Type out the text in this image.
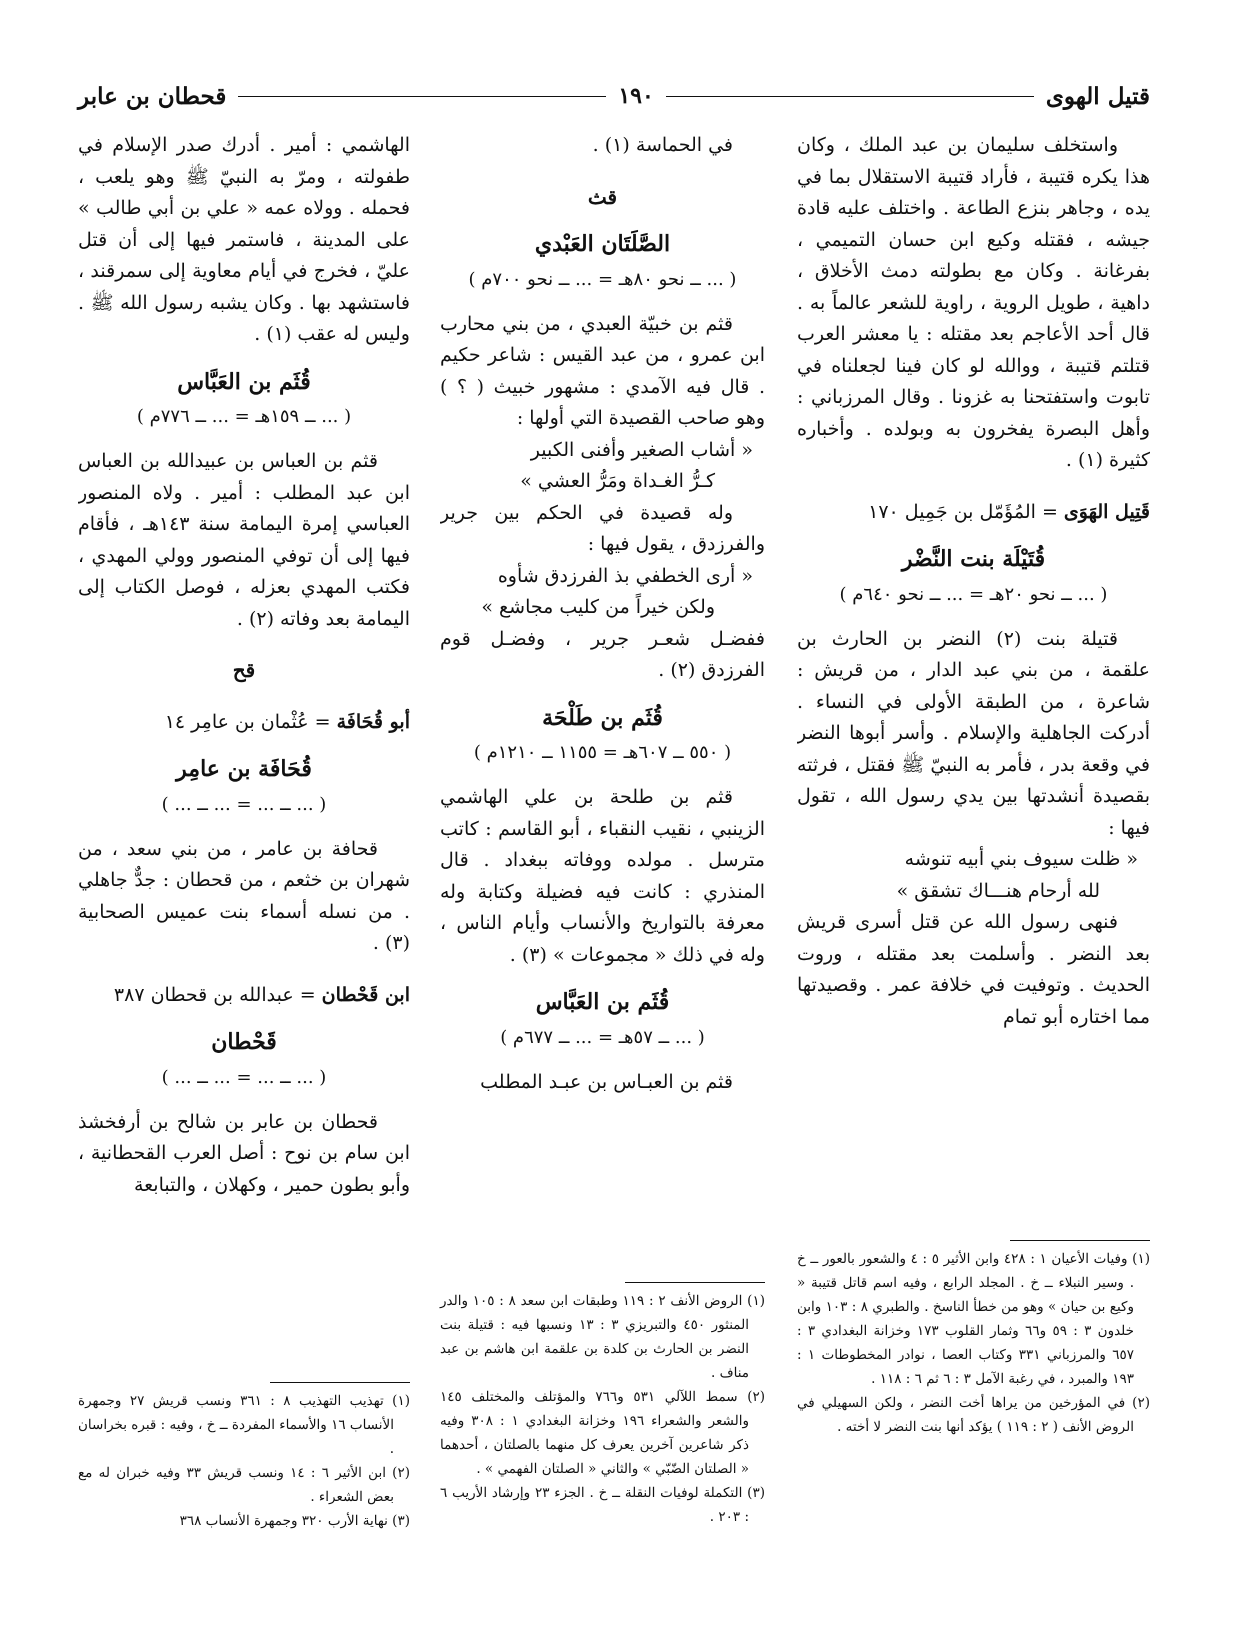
قتيل الهوى
١٩٠
قحطان بن عابر

واستخلف سليمان بن عبد الملك ، وكان هذا يكره قتيبة ، فأراد قتيبة الاستقلال بما في يده ، وجاهر بنزع الطاعة . واختلف عليه قادة جيشه ، فقتله وكيع ابن حسان التميمي ، بفرغانة . وكان مع بطولته دمث الأخلاق ، داهية ، طويل الروية ، راوية للشعر عالماً به . قال أحد الأعاجم بعد مقتله : يا معشر العرب قتلتم قتيبة ، ووالله لو كان فينا لجعلناه في تابوت واستفتحنا به غزونا . وقال المرزباني : وأهل البصرة يفخرون به وبولده . وأخباره كثيرة (١) .

قَتِيل الهَوَى = المُؤَمّل بن جَمِيل ١٧٠

قُتَيْلَة بنت النَّضْر

( ... ــ نحو ٢٠هـ = ... ــ نحو ٦٤٠م )

قتيلة بنت (٢) النضر بن الحارث بن علقمة ، من بني عبد الدار ، من قريش : شاعرة ، من الطبقة الأولى في النساء . أدركت الجاهلية والإسلام . وأسر أبوها النضر في وقعة بدر ، فأمر به النبيّ ﷺ فقتل ، فرثته بقصيدة أنشدتها بين يدي رسول الله ، تقول فيها :

« ظلت سيوف بني أبيه تنوشه

لله أرحام هنـــاك تشقق »

فنهى رسول الله عن قتل أسرى قريش بعد النضر . وأسلمت بعد مقتله ، وروت الحديث . وتوفيت في خلافة عمر . وقصيدتها مما اختاره أبو تمام

(١) وفيات الأعيان ١ : ٤٢٨ وابن الأثير ٥ : ٤ والشعور بالعور ــ خ . وسير النبلاء ــ خ . المجلد الرابع ، وفيه اسم قاتل قتيبة « وكيع بن حيان » وهو من خطأ الناسخ . والطبري ٨ : ١٠٣ وابن خلدون ٣ : ٥٩ و٦٦ وثمار القلوب ١٧٣ وخزانة البغدادي ٣ : ٦٥٧ والمرزباني ٣٣١ وكتاب العصا ، نوادر المخطوطات ١ : ١٩٣ والمبرد ، في رغبة الآمل ٣ : ٦ ثم ٦ : ١١٨ .

(٢) في المؤرخين من يراها أخت النضر ، ولكن السهيلي في الروض الأنف ( ٢ : ١١٩ ) يؤكد أنها بنت النضر لا أخته .

في الحماسة (١) .

قث

الصَّلَتَان العَبْدي

( ... ــ نحو ٨٠هـ = ... ــ نحو ٧٠٠م )

قثم بن خبيّة العبدي ، من بني محارب ابن عمرو ، من عبد القيس : شاعر حكيم . قال فيه الآمدي : مشهور خبيث ( ؟ ) وهو صاحب القصيدة التي أولها :

« أشاب الصغير وأفنى الكبير

كـرُّ الغـداة ومَرُّ العشي »

وله قصيدة في الحكم بين جرير والفرزدق ، يقول فيها :

« أرى الخطفي بذ الفرزدق شأوه

ولكن خيراً من كليب مجاشع »

ففضـل شعـر جرير ، وفضـل قوم الفرزدق (٢) .

قُثَم بن طَلْحَة

( ٥٥٠ ــ ٦٠٧هـ = ١١٥٥ ــ ١٢١٠م )

قثم بن طلحة بن علي الهاشمي الزينبي ، نقيب النقباء ، أبو القاسم : كاتب مترسل . مولده ووفاته ببغداد . قال المنذري : كانت فيه فضيلة وكتابة وله معرفة بالتواريخ والأنساب وأيام الناس ، وله في ذلك « مجموعات » (٣) .

قُثَم بن العَبَّاس

( ... ــ ٥٧هـ = ... ــ ٦٧٧م )

قثم بن العبـاس بن عبـد المطلب

(١) الروض الأنف ٢ : ١١٩ وطبقات ابن سعد ٨ : ١٠٥ والدر المنثور ٤٥٠ والتبريزي ٣ : ١٣ ونسبها فيه : قتيلة بنت النضر بن الحارث بن كلدة بن علقمة ابن هاشم بن عبد مناف .

(٢) سمط اللآلي ٥٣١ و٧٦٦ والمؤتلف والمختلف ١٤٥ والشعر والشعراء ١٩٦ وخزانة البغدادي ١ : ٣٠٨ وفيه ذكر شاعرين آخرين يعرف كل منهما بالصلتان ، أحدهما « الصلتان الضّبّي » والثاني « الصلتان الفهمي » .

(٣) التكملة لوفيات النقلة ــ خ . الجزء ٢٣ وإرشاد الأريب ٦ : ٢٠٣ .

الهاشمي : أمير . أدرك صدر الإسلام في طفولته ، ومرّ به النبيّ ﷺ وهو يلعب ، فحمله . وولاه عمه « علي بن أبي طالب » على المدينة ، فاستمر فيها إلى أن قتل عليّ ، فخرج في أيام معاوية إلى سمرقند ، فاستشهد بها . وكان يشبه رسول الله ﷺ . وليس له عقب (١) .

قُثَم بن العَبَّاس

( ... ــ ١٥٩هـ = ... ــ ٧٧٦م )

قثم بن العباس بن عبيدالله بن العباس ابن عبد المطلب : أمير . ولاه المنصور العباسي إمرة اليمامة سنة ١٤٣هـ ، فأقام فيها إلى أن توفي المنصور وولي المهدي ، فكتب المهدي بعزله ، فوصل الكتاب إلى اليمامة بعد وفاته (٢) .

قح

أبو قُحَافَة = عُثْمان بن عامِر ١٤

قُحَافَة بن عامِر

( ... ــ ... = ... ــ ... )

قحافة بن عامر ، من بني سعد ، من شهران بن خثعم ، من قحطان : جدٌّ جاهلي . من نسله أسماء بنت عميس الصحابية (٣) .

ابن قَحْطان = عبدالله بن قحطان ٣٨٧

قَحْطان

( ... ــ ... = ... ــ ... )

قحطان بن عابر بن شالح بن أرفخشذ ابن سام بن نوح : أصل العرب القحطانية ، وأبو بطون حمير ، وكهلان ، والتبابعة

(١) تهذيب التهذيب ٨ : ٣٦١ ونسب قريش ٢٧ وجمهرة الأنساب ١٦ والأسماء المفردة ــ خ ، وفيه : قبره بخراسان .

(٢) ابن الأثير ٦ : ١٤ ونسب قريش ٣٣ وفيه خبران له مع بعض الشعراء .

(٣) نهاية الأرب ٣٢٠ وجمهرة الأنساب ٣٦٨
